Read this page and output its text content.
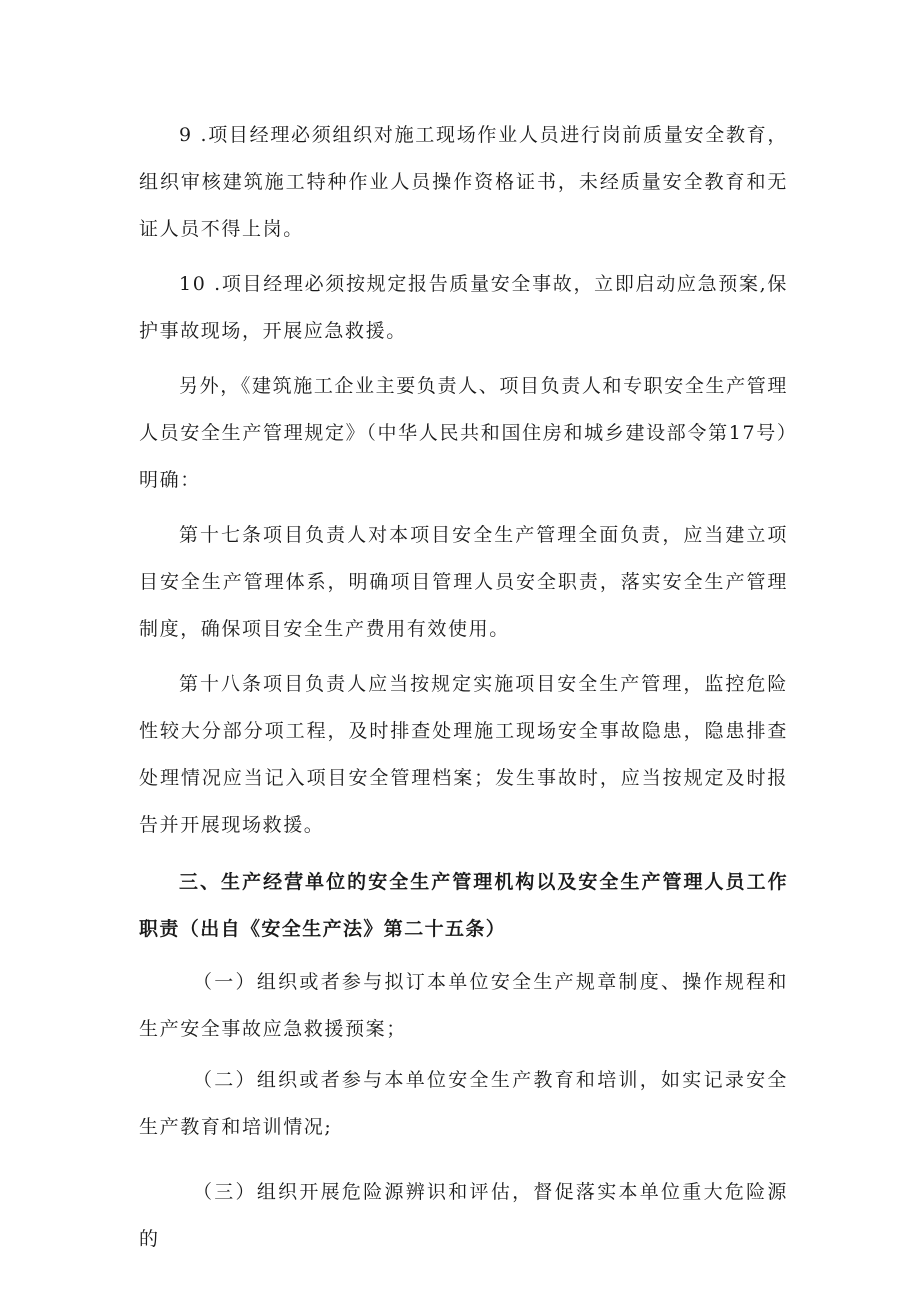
9 .项目经理必须组织对施工现场作业人员进行岗前质量安全教育，组织审核建筑施工特种作业人员操作资格证书，未经质量安全教育和无证人员不得上岗。

10 .项目经理必须按规定报告质量安全事故，立即启动应急预案,保护事故现场，开展应急救援。

另外，《建筑施工企业主要负责人、项目负责人和专职安全生产管理人员安全生产管理规定》（中华人民共和国住房和城乡建设部令第17号）明确：

第十七条项目负责人对本项目安全生产管理全面负责，应当建立项目安全生产管理体系，明确项目管理人员安全职责，落实安全生产管理制度，确保项目安全生产费用有效使用。

第十八条项目负责人应当按规定实施项目安全生产管理，监控危险性较大分部分项工程，及时排查处理施工现场安全事故隐患，隐患排查处理情况应当记入项目安全管理档案；发生事故时，应当按规定及时报告并开展现场救援。

三、生产经营单位的安全生产管理机构以及安全生产管理人员工作职责（出自《安全生产法》第二十五条）

（一）组织或者参与拟订本单位安全生产规章制度、操作规程和生产安全事故应急救援预案；

（二）组织或者参与本单位安全生产教育和培训，如实记录安全生产教育和培训情况;

（三）组织开展危险源辨识和评估，督促落实本单位重大危险源的
